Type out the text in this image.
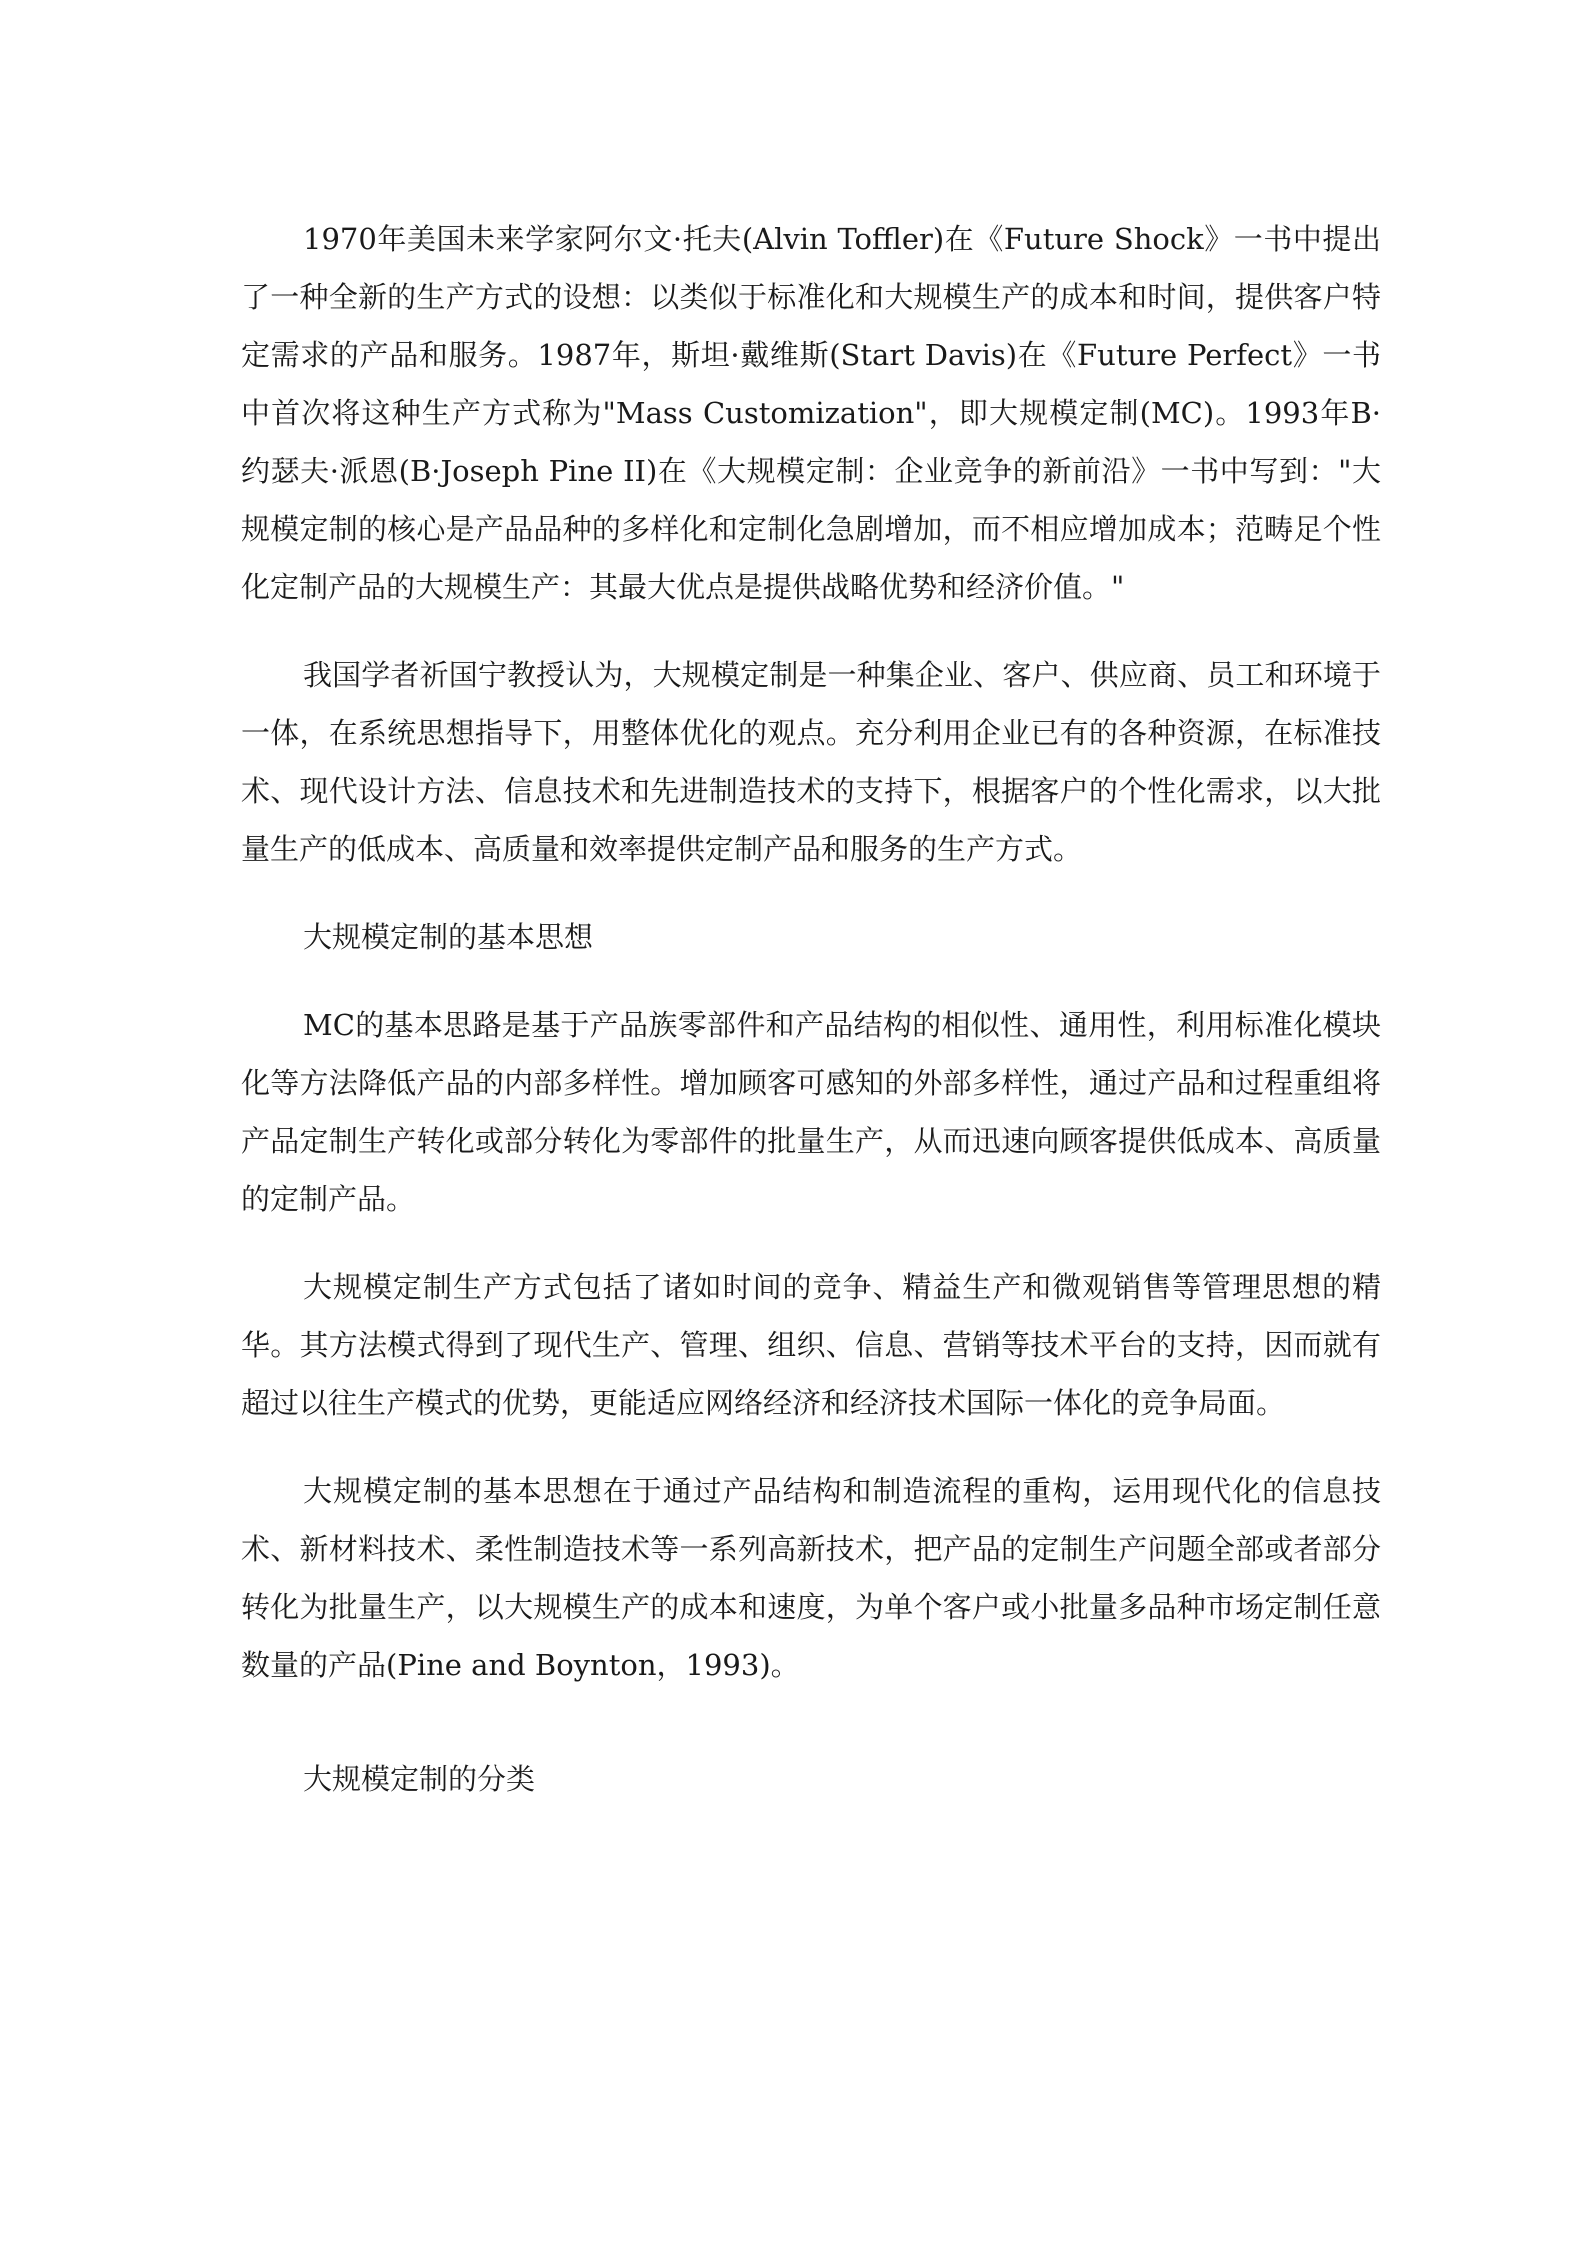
1970年美国未来学家阿尔文·托夫(Alvin Toffler)在《Future Shock》一书中提出了一种全新的生产方式的设想：以类似于标准化和大规模生产的成本和时间，提供客户特定需求的产品和服务。1987年，斯坦·戴维斯(Start Davis)在《Future Perfect》一书中首次将这种生产方式称为"Mass Customization"，即大规模定制(MC)。1993年B·约瑟夫·派恩(B·Joseph Pine II)在《大规模定制：企业竞争的新前沿》一书中写到："大规模定制的核心是产品品种的多样化和定制化急剧增加，而不相应增加成本；范畴足个性化定制产品的大规模生产：其最大优点是提供战略优势和经济价值。"

我国学者祈国宁教授认为，大规模定制是一种集企业、客户、供应商、员工和环境于一体，在系统思想指导下，用整体优化的观点。充分利用企业已有的各种资源，在标准技术、现代设计方法、信息技术和先进制造技术的支持下，根据客户的个性化需求，以大批量生产的低成本、高质量和效率提供定制产品和服务的生产方式。

大规模定制的基本思想

MC的基本思路是基于产品族零部件和产品结构的相似性、通用性，利用标准化模块化等方法降低产品的内部多样性。增加顾客可感知的外部多样性，通过产品和过程重组将产品定制生产转化或部分转化为零部件的批量生产，从而迅速向顾客提供低成本、高质量的定制产品。

大规模定制生产方式包括了诸如时间的竞争、精益生产和微观销售等管理思想的精华。其方法模式得到了现代生产、管理、组织、信息、营销等技术平台的支持，因而就有超过以往生产模式的优势，更能适应网络经济和经济技术国际一体化的竞争局面。

大规模定制的基本思想在于通过产品结构和制造流程的重构，运用现代化的信息技术、新材料技术、柔性制造技术等一系列高新技术，把产品的定制生产问题全部或者部分转化为批量生产，以大规模生产的成本和速度，为单个客户或小批量多品种市场定制任意数量的产品(Pine and Boynton，1993)。

大规模定制的分类
